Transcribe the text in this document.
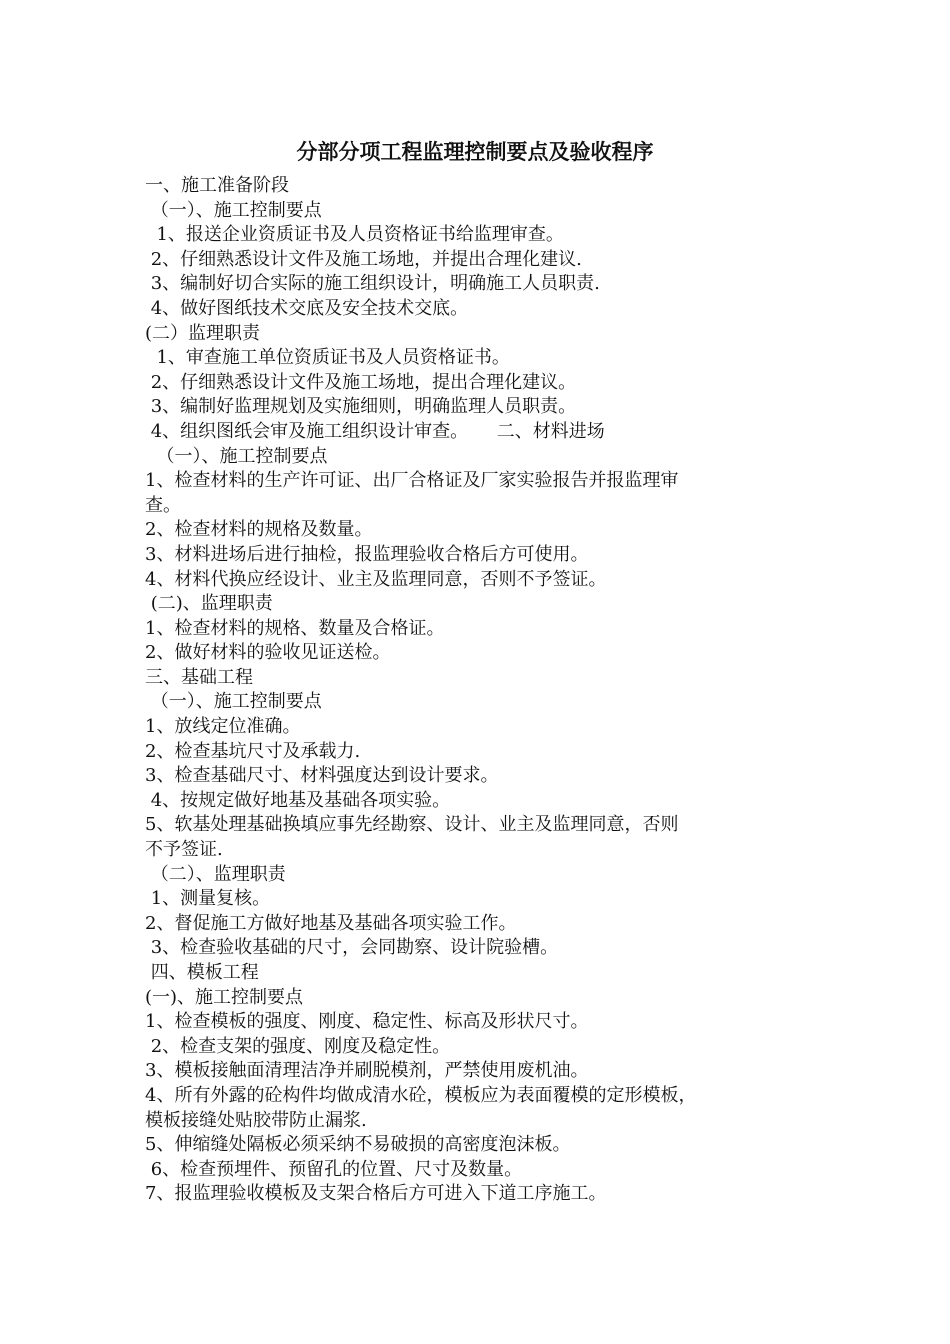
分部分项工程监理控制要点及验收程序
一、施工准备阶段
（一）、施工控制要点
1、报送企业资质证书及人员资格证书给监理审查。
2、仔细熟悉设计文件及施工场地，并提出合理化建议.
3、编制好切合实际的施工组织设计，明确施工人员职责.
4、做好图纸技术交底及安全技术交底。
(二）监理职责
1、审查施工单位资质证书及人员资格证书。
2、仔细熟悉设计文件及施工场地，提出合理化建议。
3、编制好监理规划及实施细则，明确监理人员职责。
4、组织图纸会审及施工组织设计审查。     二、材料进场
（一）、施工控制要点
1、检查材料的生产许可证、出厂合格证及厂家实验报告并报监理审
查。
2、检查材料的规格及数量。
3、材料进场后进行抽检，报监理验收合格后方可使用。
4、材料代换应经设计、业主及监理同意，否则不予签证。
(二)、监理职责
1、检查材料的规格、数量及合格证。
2、做好材料的验收见证送检。
三、基础工程
（一）、施工控制要点
1、放线定位准确。
2、检查基坑尺寸及承载力.
3、检查基础尺寸、材料强度达到设计要求。
4、按规定做好地基及基础各项实验。
5、软基处理基础换填应事先经勘察、设计、业主及监理同意，否则
不予签证.
（二）、监理职责
1、测量复核。
2、督促施工方做好地基及基础各项实验工作。
3、检查验收基础的尺寸，会同勘察、设计院验槽。
四、模板工程
(一)、施工控制要点
1、检查模板的强度、刚度、稳定性、标高及形状尺寸。
2、检查支架的强度、刚度及稳定性。
3、模板接触面清理洁净并刷脱模剂，严禁使用废机油。
4、所有外露的砼构件均做成清水砼，模板应为表面覆模的定形模板，
模板接缝处贴胶带防止漏浆.
5、伸缩缝处隔板必须采纳不易破损的高密度泡沫板。
6、检查预埋件、预留孔的位置、尺寸及数量。
7、报监理验收模板及支架合格后方可进入下道工序施工。
